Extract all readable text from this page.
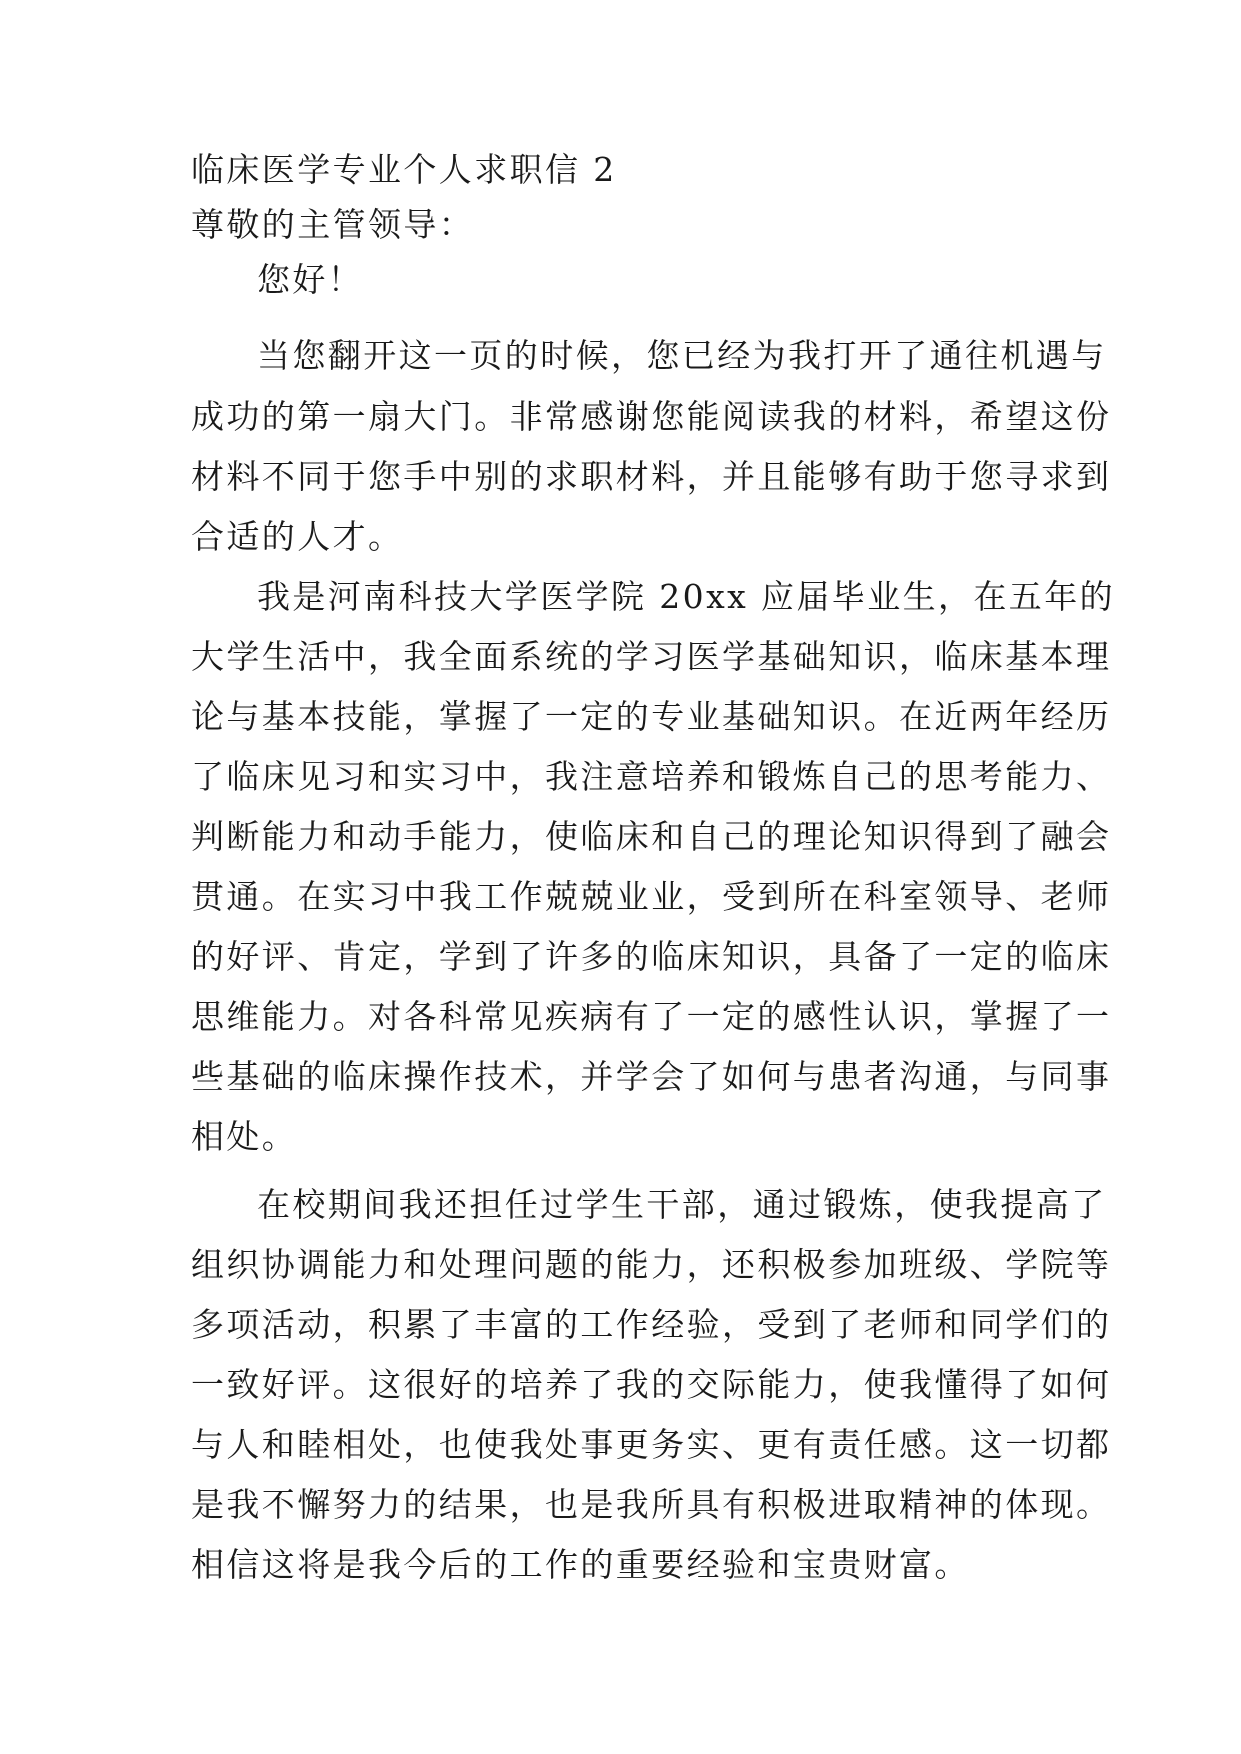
临床医学专业个人求职信 2
尊敬的主管领导：
您好！
当您翻开这一页的时候，您已经为我打开了通往机遇与
成功的第一扇大门。非常感谢您能阅读我的材料，希望这份
材料不同于您手中别的求职材料，并且能够有助于您寻求到
合适的人才。
我是河南科技大学医学院 20xx 应届毕业生，在五年的
大学生活中，我全面系统的学习医学基础知识，临床基本理
论与基本技能，掌握了一定的专业基础知识。在近两年经历
了临床见习和实习中，我注意培养和锻炼自己的思考能力、
判断能力和动手能力，使临床和自己的理论知识得到了融会
贯通。在实习中我工作兢兢业业，受到所在科室领导、老师
的好评、肯定，学到了许多的临床知识，具备了一定的临床
思维能力。对各科常见疾病有了一定的感性认识，掌握了一
些基础的临床操作技术，并学会了如何与患者沟通，与同事
相处。
在校期间我还担任过学生干部，通过锻炼，使我提高了
组织协调能力和处理问题的能力，还积极参加班级、学院等
多项活动，积累了丰富的工作经验，受到了老师和同学们的
一致好评。这很好的培养了我的交际能力，使我懂得了如何
与人和睦相处，也使我处事更务实、更有责任感。这一切都
是我不懈努力的结果，也是我所具有积极进取精神的体现。
相信这将是我今后的工作的重要经验和宝贵财富。
